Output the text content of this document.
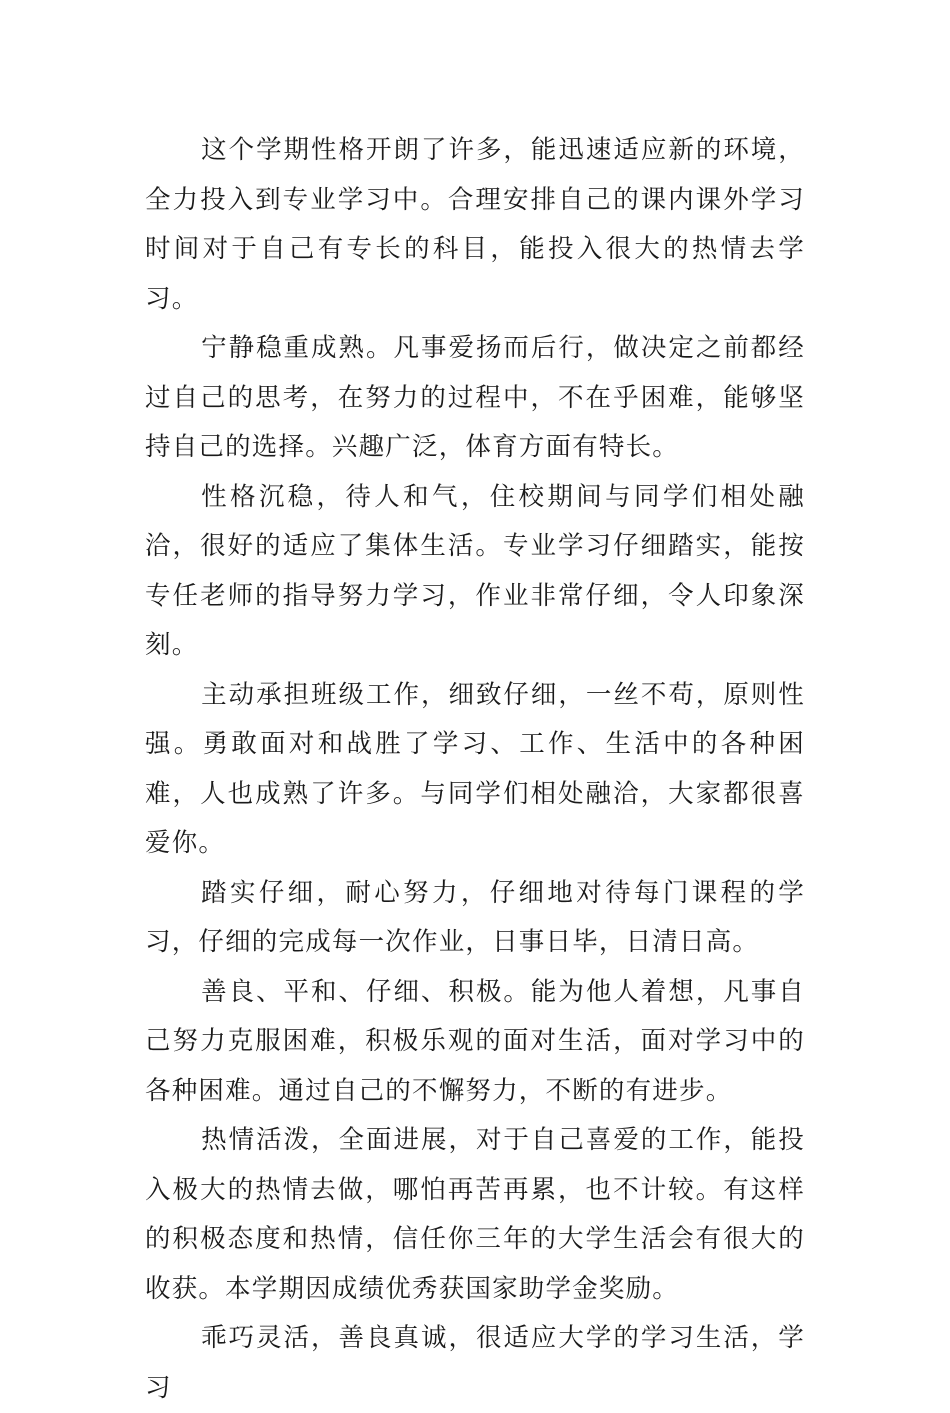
这个学期性格开朗了许多，能迅速适应新的环境，全力投入到专业学习中。合理安排自己的课内课外学习时间对于自己有专长的科目，能投入很大的热情去学习。

宁静稳重成熟。凡事爱扬而后行，做决定之前都经过自己的思考，在努力的过程中，不在乎困难，能够坚持自己的选择。兴趣广泛，体育方面有特长。

性格沉稳，待人和气，住校期间与同学们相处融洽，很好的适应了集体生活。专业学习仔细踏实，能按专任老师的指导努力学习，作业非常仔细，令人印象深刻。

主动承担班级工作，细致仔细，一丝不苟，原则性强。勇敢面对和战胜了学习、工作、生活中的各种困难，人也成熟了许多。与同学们相处融洽，大家都很喜爱你。

踏实仔细，耐心努力，仔细地对待每门课程的学习，仔细的完成每一次作业，日事日毕，日清日高。

善良、平和、仔细、积极。能为他人着想，凡事自己努力克服困难，积极乐观的面对生活，面对学习中的各种困难。通过自己的不懈努力，不断的有进步。

热情活泼，全面进展，对于自己喜爱的工作，能投入极大的热情去做，哪怕再苦再累，也不计较。有这样的积极态度和热情，信任你三年的大学生活会有很大的收获。本学期因成绩优秀获国家助学金奖励。

乖巧灵活，善良真诚，很适应大学的学习生活，学习
